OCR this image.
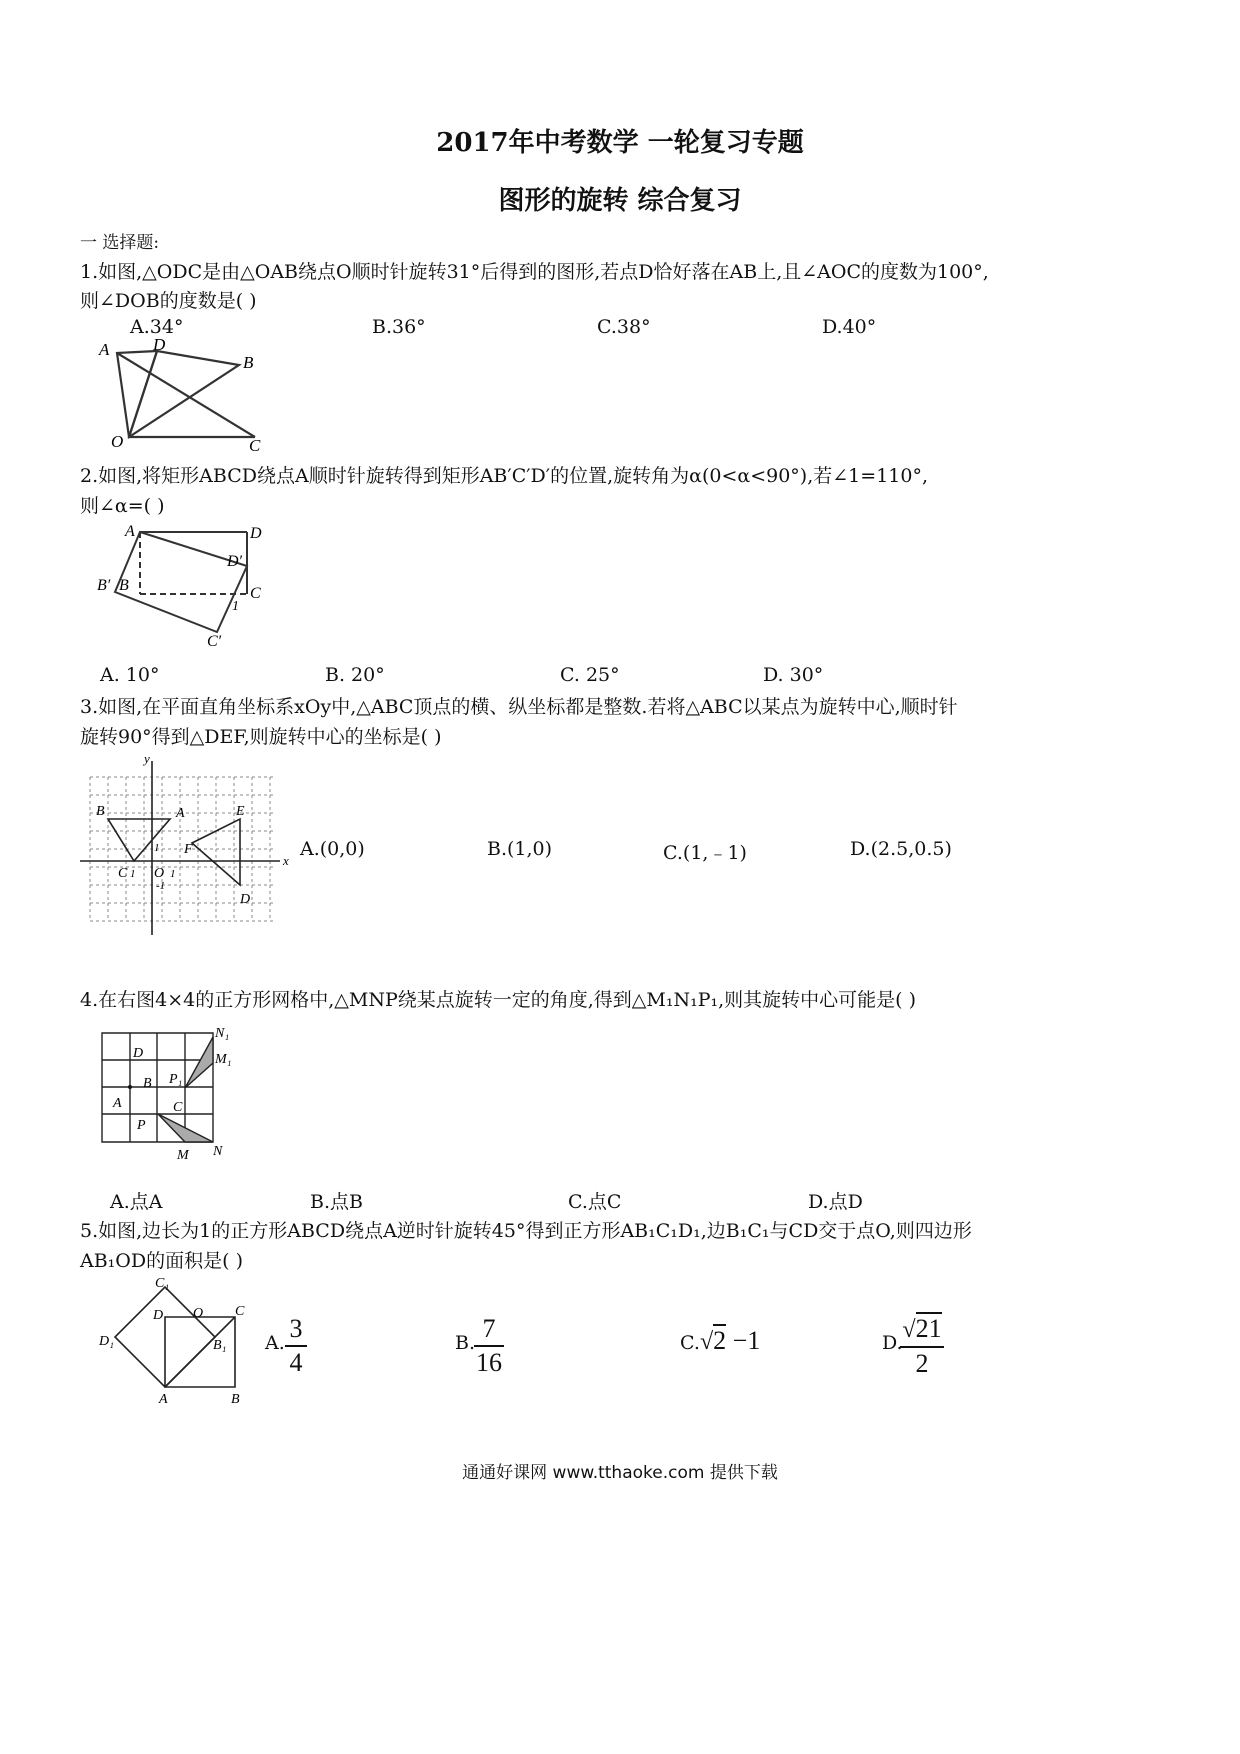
2017年中考数学 一轮复习专题
图形的旋转 综合复习
一 选择题:
1.如图,△ODC是由△OAB绕点O顺时针旋转31°后得到的图形,若点D恰好落在AB上,且∠AOC的度数为100°,
则∠DOB的度数是( )
A.34°	B.36°	C.38°	D.40°
A	D
B
O	C
2.如图,将矩形ABCD绕点A顺时针旋转得到矩形AB′C′D′的位置,旋转角为α(0<α<90°),若∠1=110°,
则∠α=( )
A	D
D′
B′ B	C
1
C′
A. 10°	B. 20°	C. 25°	D. 30°
3.如图,在平面直角坐标系xOy中,△ABC顶点的横、纵坐标都是整数.若将△ABC以某点为旋转中心,顺时针
旋转90°得到△DEF,则旋转中心的坐标是( )
y
x
B	A	E
F
C
D
O 1
1
1
-1
A.(0,0)	B.(1,0)	C.(1,﹣1)	D.(2.5,0.5)
4.在右图4×4的正方形网格中,△MNP绕某点旋转一定的角度,得到△M₁N₁P₁,则其旋转中心可能是( )
N₁
M₁
D
B P₁
A	C
P
M N
A.点A	B.点B	C.点C	D.点D
5.如图,边长为1的正方形ABCD绕点A逆时针旋转45°得到正方形AB₁C₁D₁,边B₁C₁与CD交于点O,则四边形
AB₁OD的面积是( )
C₁
D O C
D₁	B₁
A	B
A. 3
4
B. 7
16
C. √2 −1	D. √21
2
通通好课网 www.tthaoke.com 提供下载
